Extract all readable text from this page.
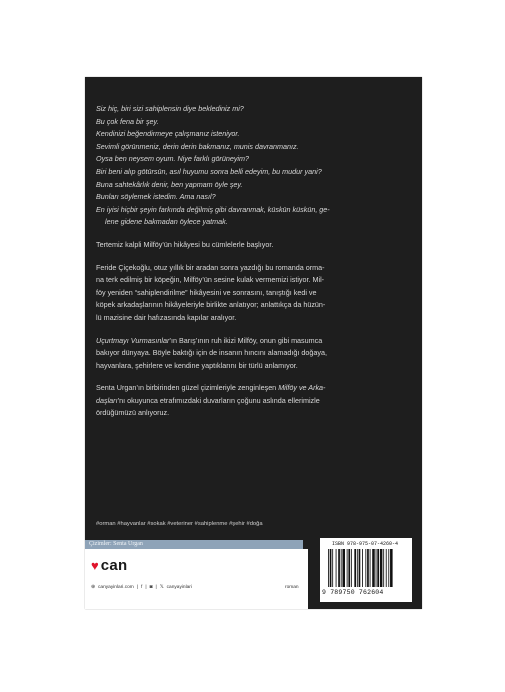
Siz hiç, biri sizi sahiplensin diye beklediniz mi?

Bu çok fena bir şey.

Kendinizi beğendirmeye çalışmanız isteniyor.

Sevimli görünmeniz, derin derin bakmanız, munis davranmanız.

Oysa ben neysem oyum. Niye farklı görüneyim?

Biri beni alıp götürsün, asıl huyumu sonra belli edeyim, bu mudur yani?

Buna sahtekârlık denir, ben yapmam öyle şey.

Bunları söylemek istedim. Ama nasıl?

En iyisi hiçbir şeyin farkında değilmiş gibi davranmak, küskün küskün, ge-

lene gidene bakmadan öylece yatmak.

Tertemiz kalpli Milföy’ün hikâyesi bu cümlelerle başlıyor.

Feride Çiçekoğlu, otuz yıllık bir aradan sonra yazdığı bu romanda orma-
na terk edilmiş bir köpeğin, Milföy’ün sesine kulak vermemizi istiyor. Mil-
föy yeniden “sahiplendirilme” hikâyesini ve sonrasını, tanıştığı kedi ve
köpek arkadaşlarının hikâyeleriyle birlikte anlatıyor; anlattıkça da hüzün-
lü mazisine dair hafızasında kapılar aralıyor.

Uçurtmayı Vurmasınlar’ın Barış’ının ruh ikizi Milföy, onun gibi masumca
bakıyor dünyaya. Böyle baktığı için de insanın hıncını alamadığı doğaya,
hayvanlara, şehirlere ve kendine yaptıklarını bir türlü anlamıyor.

Senta Urgan’ın birbirinden güzel çizimleriyle zenginleşen Milföy ve Arka-
daşları’nı okuyunca etrafımızdaki duvarların çoğunu aslında ellerimizle
ördüğümüzü anlıyoruz.

#orman #hayvanlar #sokak #veteriner #sahiplenme #şehir #doğa
Çizimler: Senta Urgan
♥ can
⊕ canyayinlari.com | f | ◙ | 𝕏 canyayinlari	roman
ISBN 978-975-07-4260-4
9 789750 762604
